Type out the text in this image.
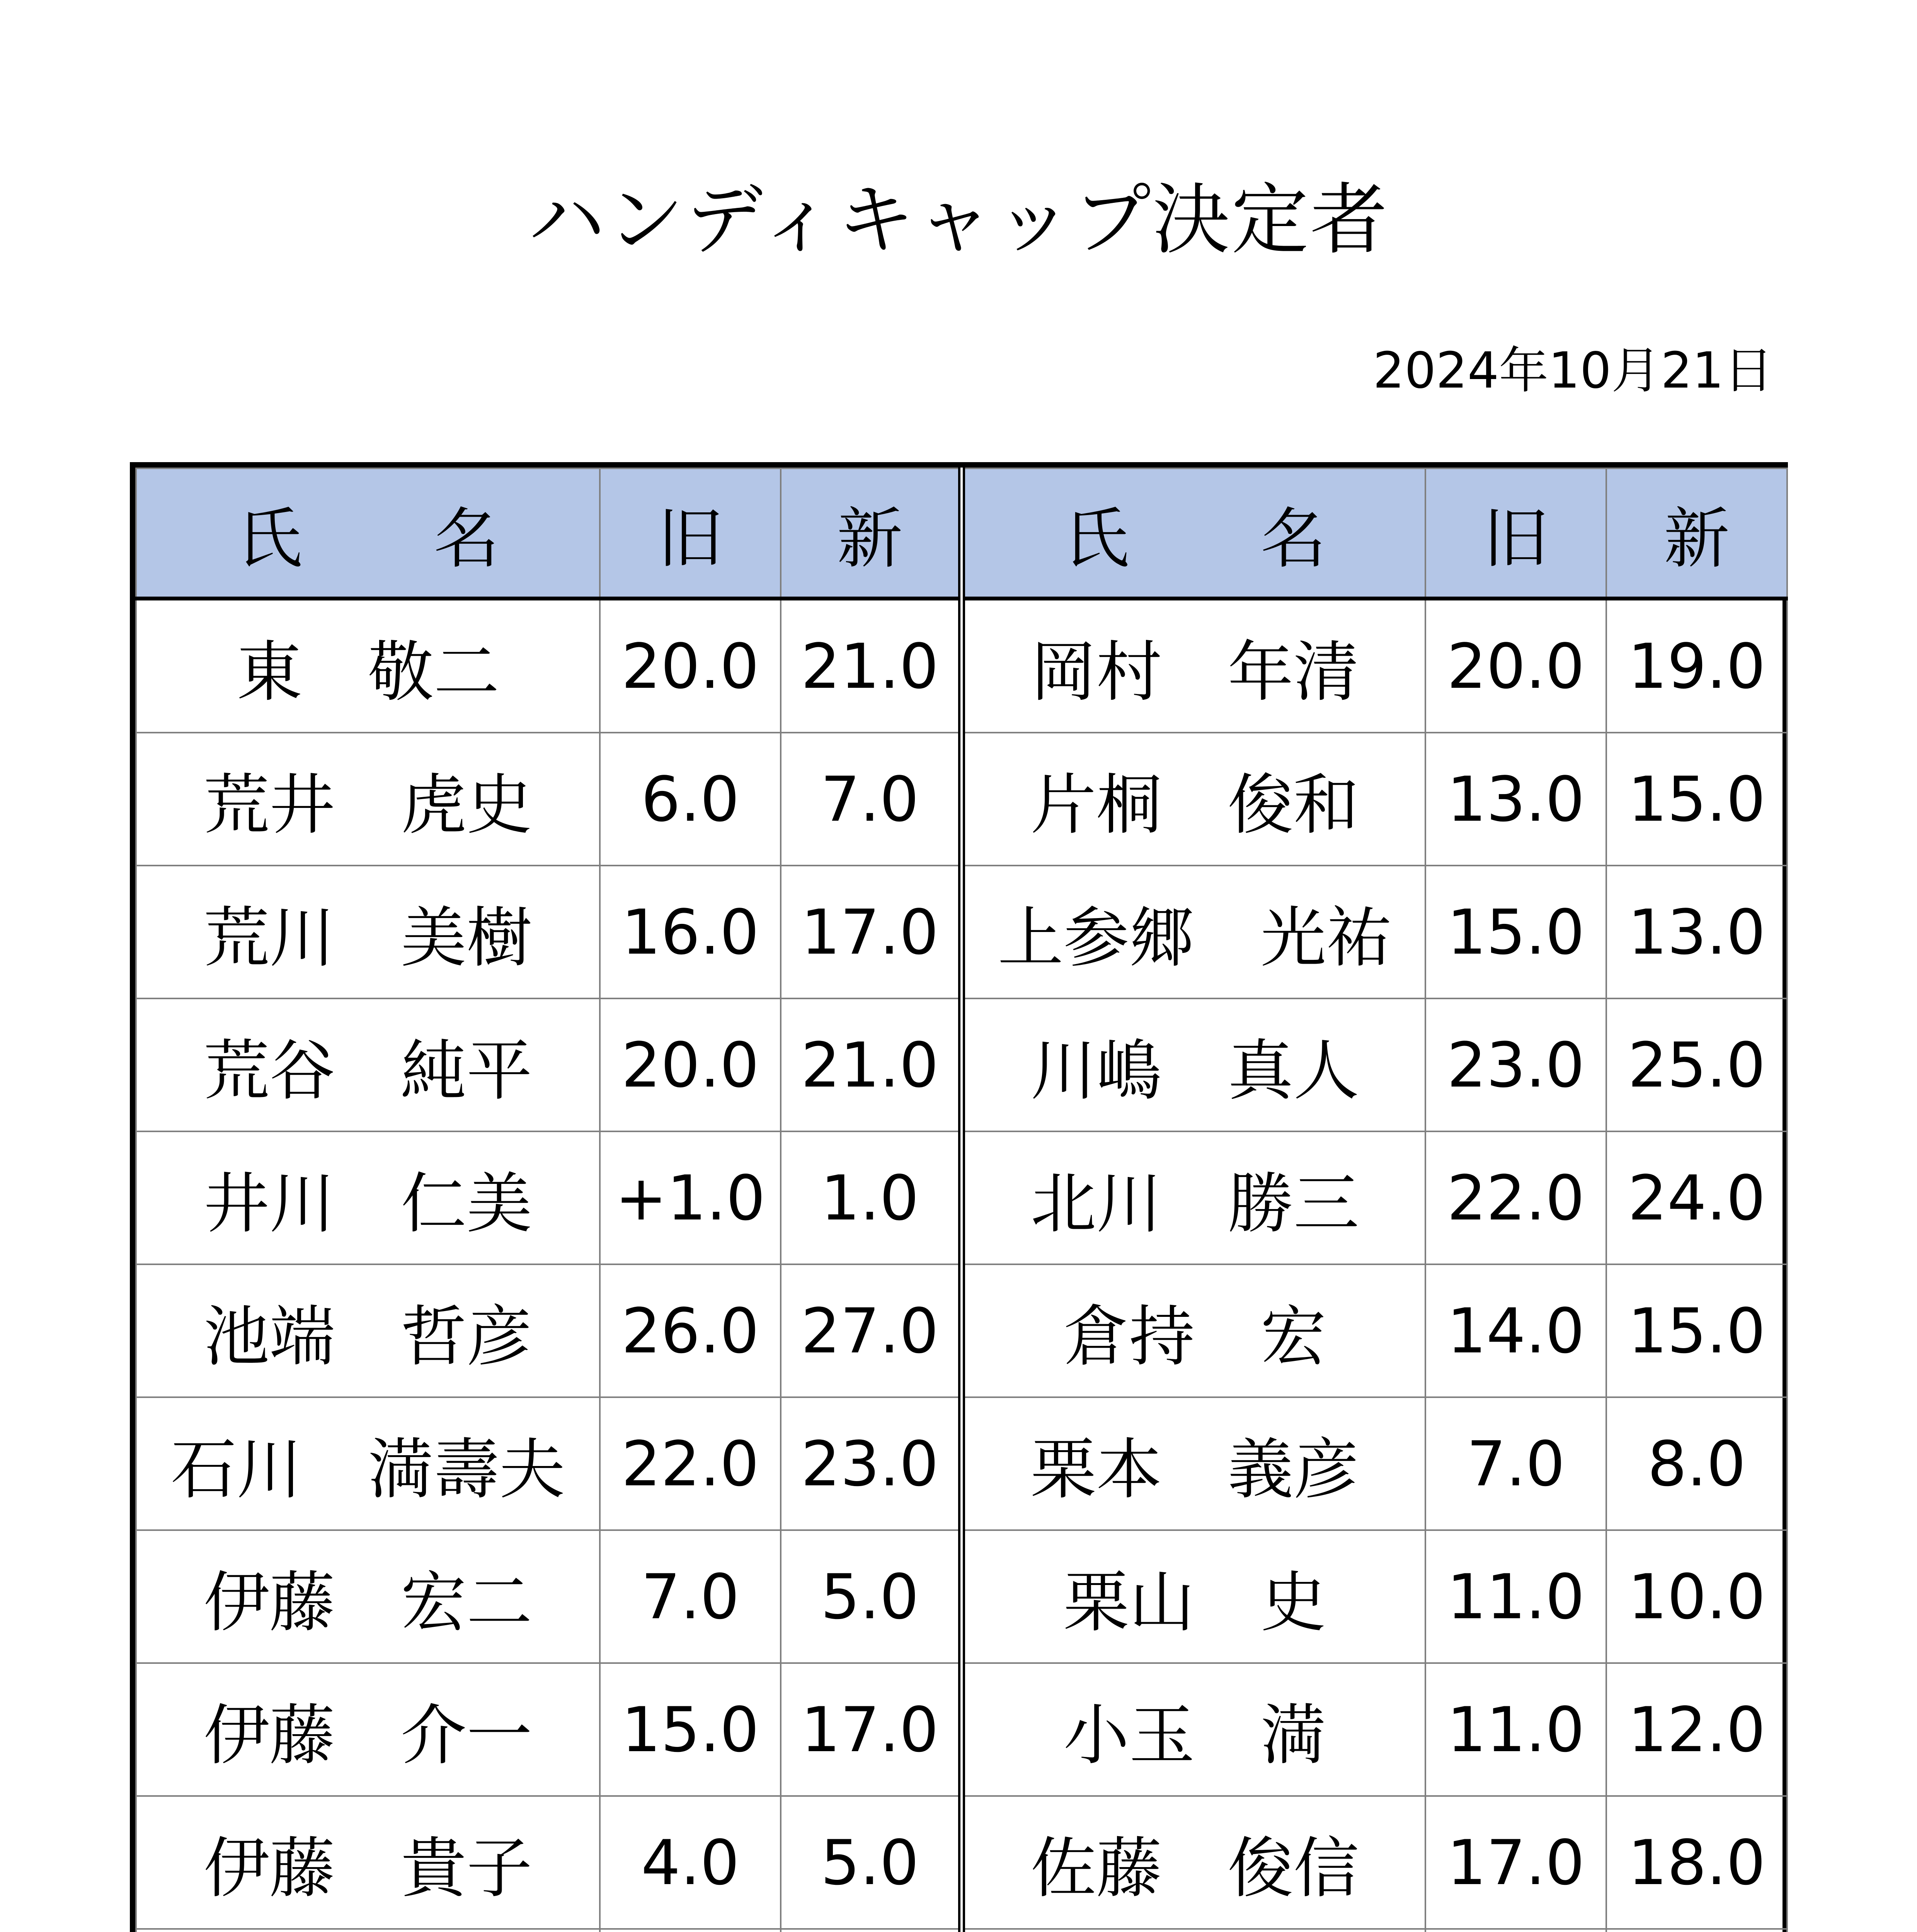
ハンディキャップ決定者
2024年10月21日
氏　　名	旧	新	氏　　名	旧	新
東　敬二	20.0	21.0	岡村　年清	20.0	19.0
荒井　虎史	6.0	7.0	片桐　俊和	13.0	15.0
荒川　美樹	16.0	17.0	上参郷　光祐	15.0	13.0
荒谷　純平	20.0	21.0	川嶋　真人	23.0	25.0
井川　仁美	+1.0	1.0	北川　勝三	22.0	24.0
池端　哲彦	26.0	27.0	倉持　宏	14.0	15.0
石川　満壽夫	22.0	23.0	栗本　義彦	7.0	8.0
伊藤　宏二	7.0	5.0	栗山　史	11.0	10.0
伊藤　介一	15.0	17.0	小玉　満	11.0	12.0
伊藤　貴子	4.0	5.0	佐藤　俊信	17.0	18.0
